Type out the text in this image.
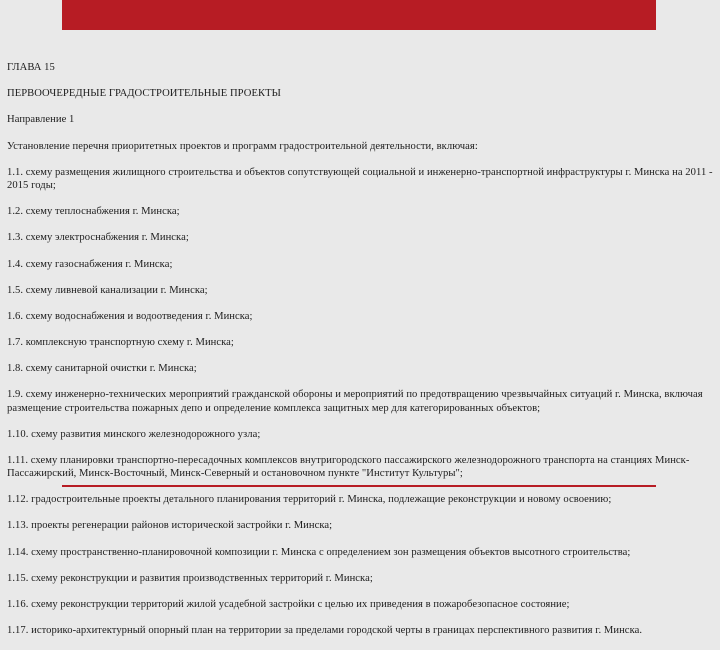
ГЛАВА 15

ПЕРВООЧЕРЕДНЫЕ ГРАДОСТРОИТЕЛЬНЫЕ ПРОЕКТЫ

Направление 1

Установление перечня приоритетных проектов и программ градостроительной деятельности, включая:

1.1. схему размещения жилищного строительства и объектов сопутствующей социальной и инженерно-транспортной инфраструктуры г. Минска на 2011 - 2015 годы;

1.2. схему теплоснабжения г. Минска;

1.3. схему электроснабжения г. Минска;

1.4. схему газоснабжения г. Минска;

1.5. схему ливневой канализации г. Минска;

1.6. схему водоснабжения и водоотведения г. Минска;

1.7. комплексную транспортную схему г. Минска;

1.8. схему санитарной очистки г. Минска;

1.9. схему инженерно-технических мероприятий гражданской обороны и мероприятий по предотвращению чрезвычайных ситуаций г. Минска, включая размещение строительства пожарных депо и определение комплекса защитных мер для категорированных объектов;

1.10. схему развития минского железнодорожного узла;

1.11. схему планировки транспортно-пересадочных комплексов внутригородского пассажирского железнодорожного транспорта на станциях Минск-Пассажирский, Минск-Восточный, Минск-Северный и остановочном пункте "Институт Культуры";

1.12. градостроительные проекты детального планирования территорий г. Минска, подлежащие реконструкции и новому освоению;

1.13. проекты регенерации районов исторической застройки г. Минска;

1.14. схему пространственно-планировочной композиции г. Минска с определением зон размещения объектов высотного строительства;

1.15. схему реконструкции и развития производственных территорий г. Минска;

1.16. схему реконструкции территорий жилой усадебной застройки с целью их приведения в пожаробезопасное состояние;

1.17. историко-архитектурный опорный план на территории за пределами городской черты в границах перспективного развития г. Минска.
